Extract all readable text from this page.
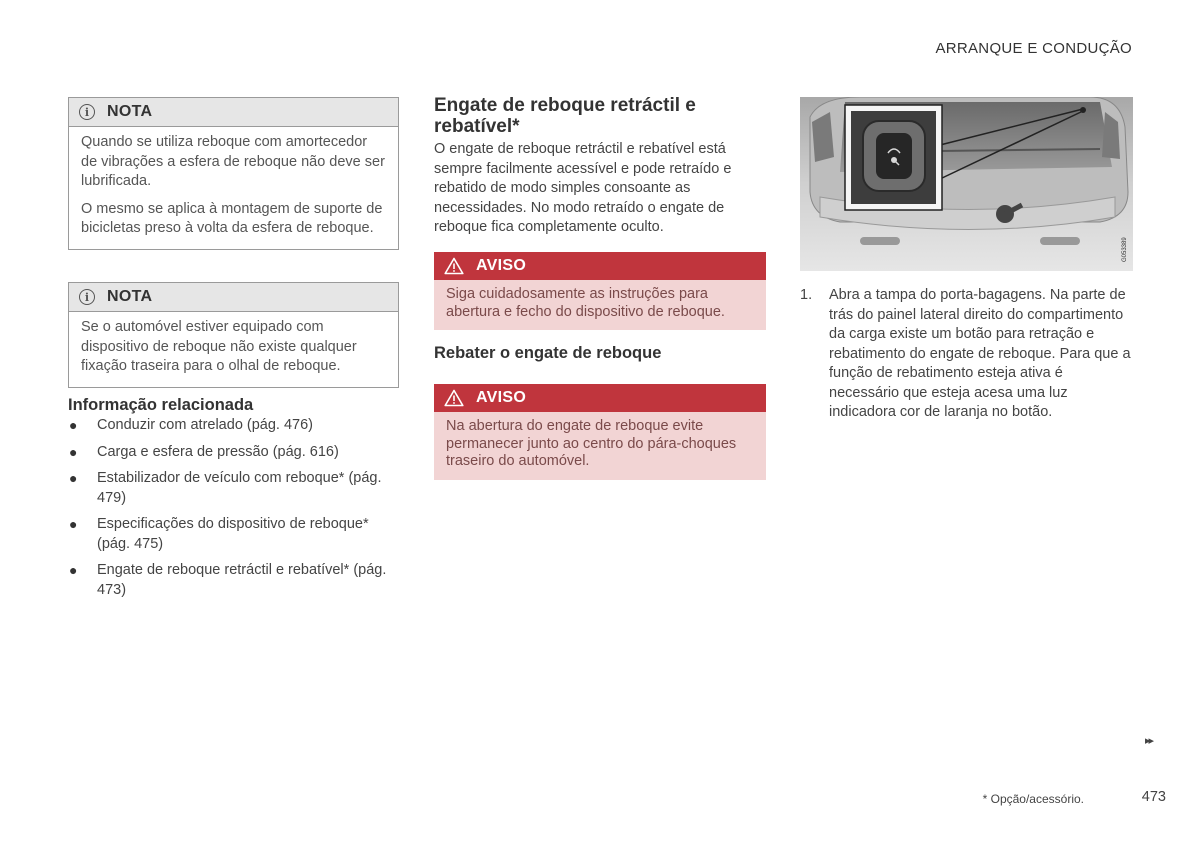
ARRANQUE E CONDUÇÃO
i	NOTA

Quando se utiliza reboque com amortecedor de vibrações a esfera de reboque não deve ser lubrificada.

O mesmo se aplica à montagem de suporte de bicicletas preso à volta da esfera de reboque.

i	NOTA

Se o automóvel estiver equipado com dispositivo de reboque não existe qualquer fixação traseira para o olhal de reboque.

Informação relacionada
● Conduzir com atrelado (pág. 476)
● Carga e esfera de pressão (pág. 616)
● Estabilizador de veículo com reboque* (pág. 479)
● Especificações do dispositivo de reboque* (pág. 475)
● Engate de reboque retráctil e rebatível* (pág. 473)
Engate de reboque retráctil e rebatível*
O engate de reboque retráctil e rebatível está sempre facilmente acessível e pode retraído e rebatido de modo simples consoante as necessidades. No modo retraído o engate de reboque fica completamente oculto.
AVISO
Siga cuidadosamente as instruções para abertura e fecho do dispositivo de reboque.
Rebater o engate de reboque
AVISO
Na abertura do engate de reboque evite permanecer junto ao centro do pára-choques traseiro do automóvel.
G053389
1. Abra a tampa do porta-bagagens. Na parte de trás do painel lateral direito do compartimento da carga existe um botão para retração e rebatimento do engate de reboque. Para que a função de rebatimento esteja ativa é necessário que esteja acesa uma luz indicadora cor de laranja no botão.
▸▸
* Opção/acessório.	473
